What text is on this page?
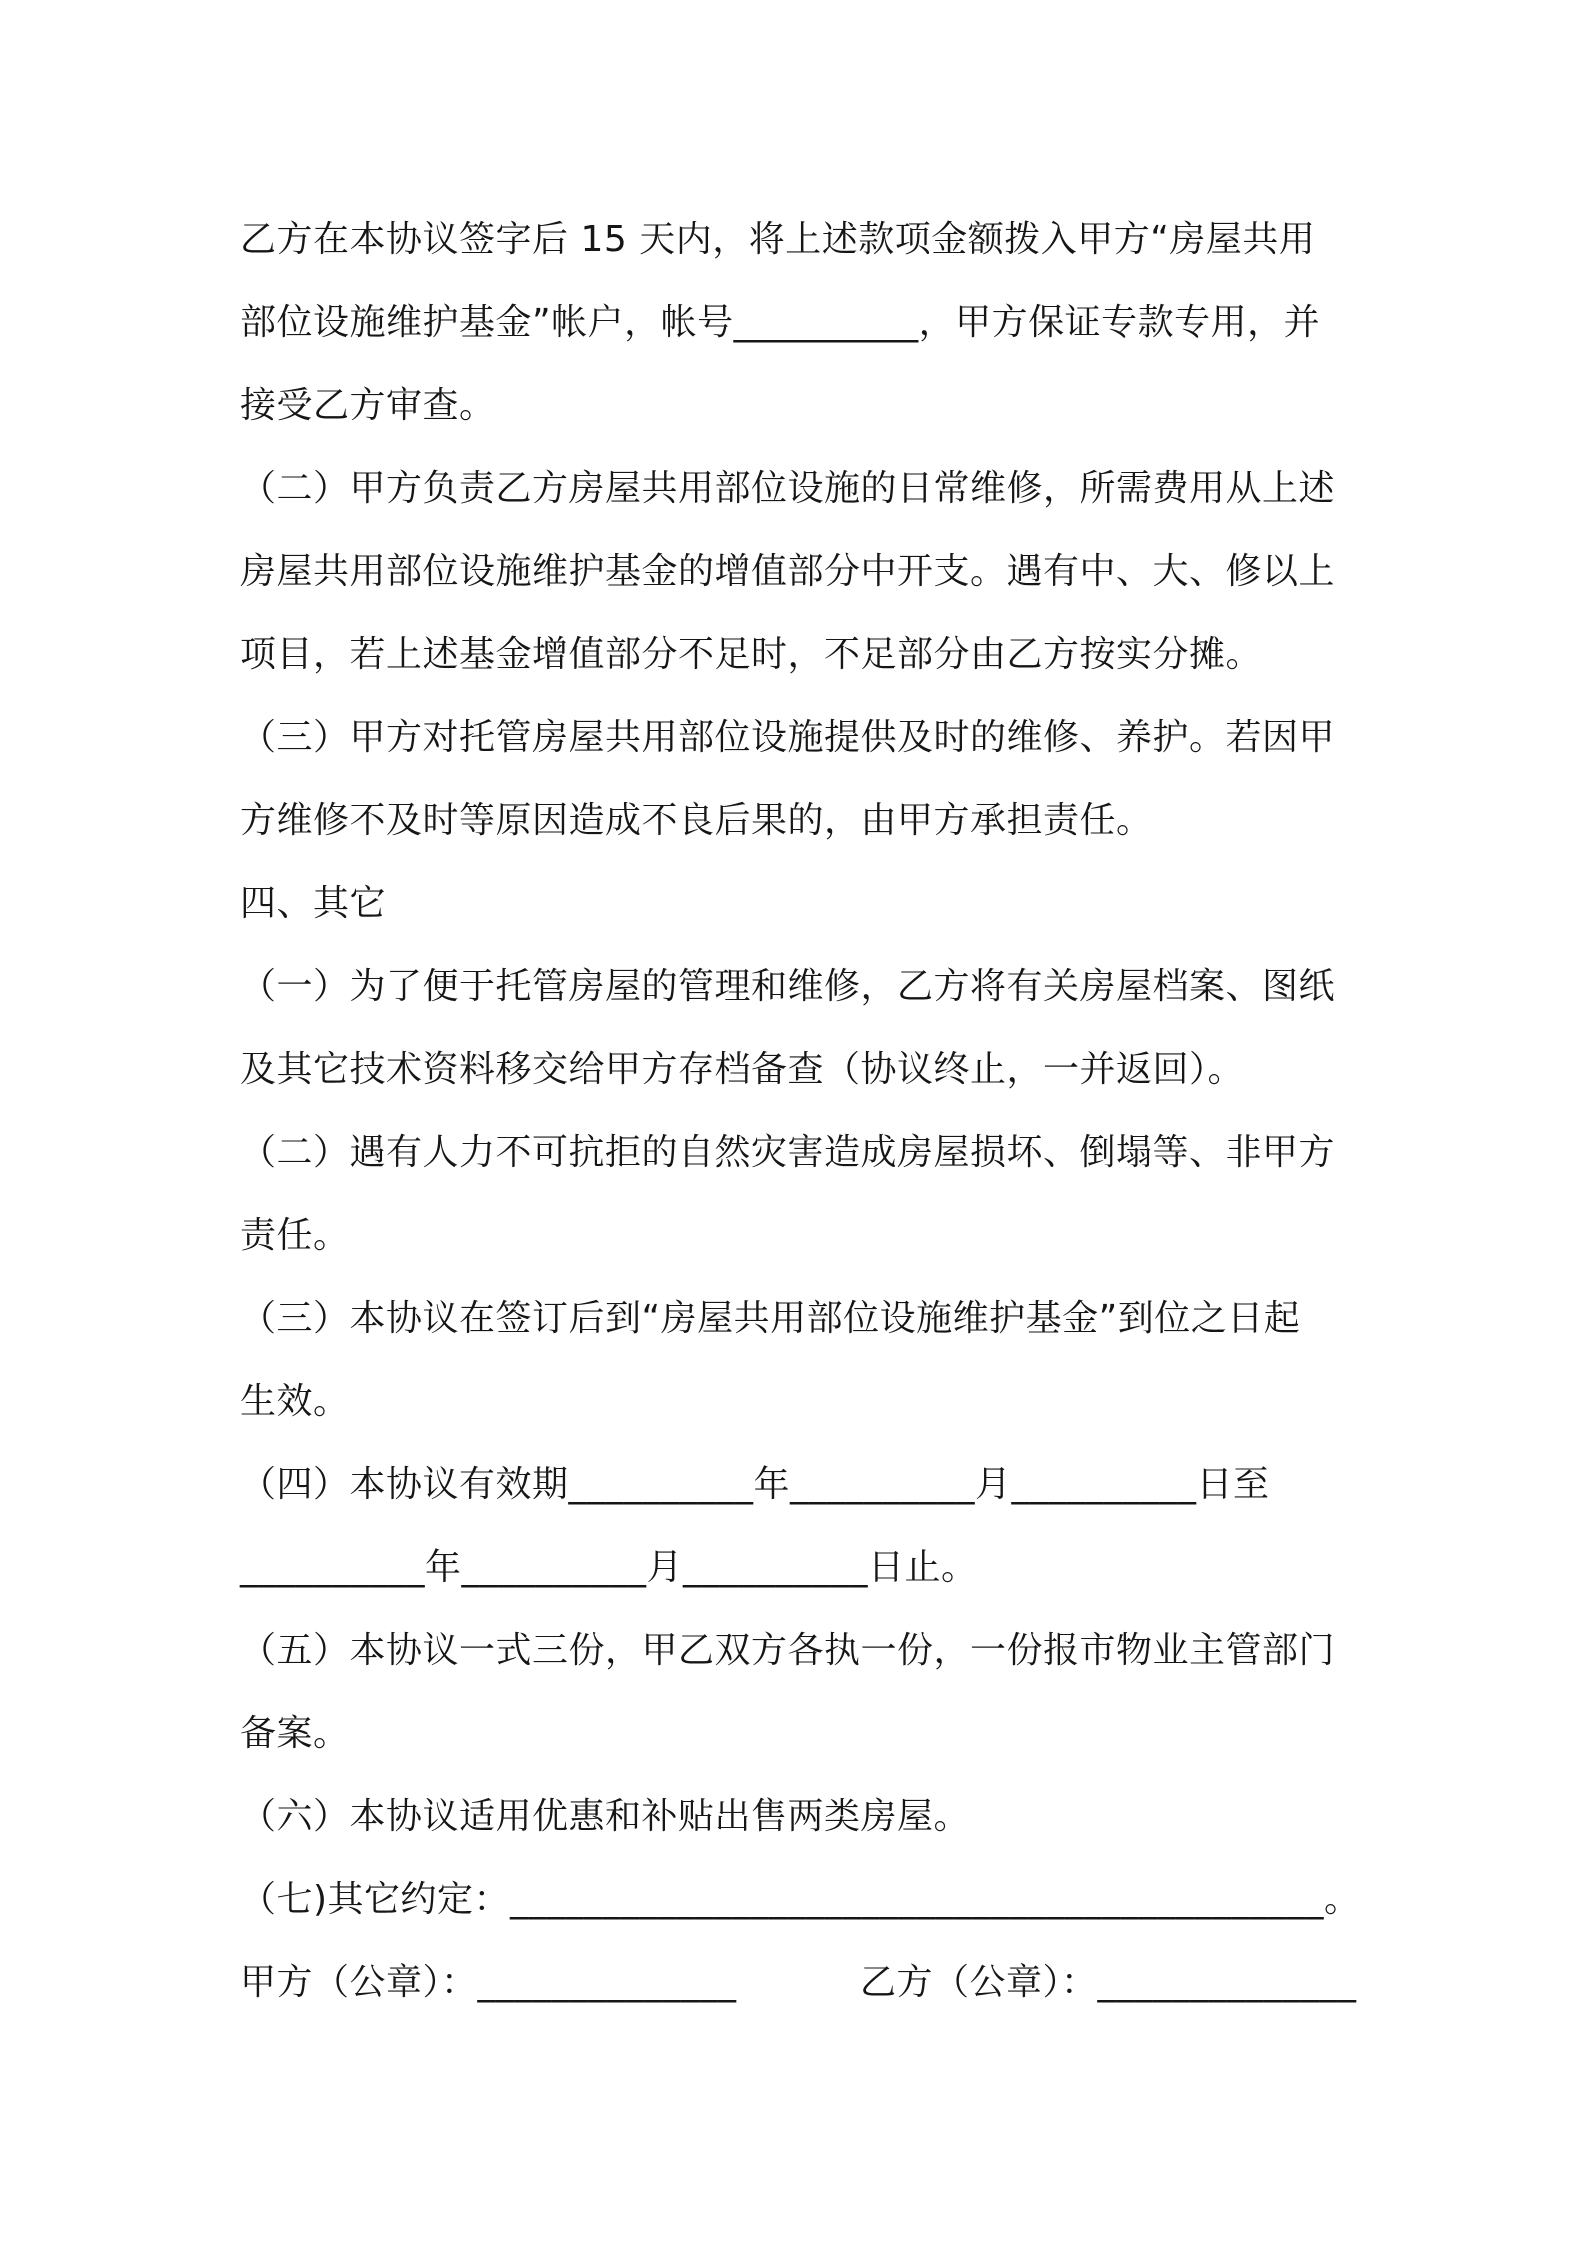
乙方在本协议签字后 15 天内，将上述款项金额拨入甲方“房屋共用
部位设施维护基金”帐户，帐号__________，甲方保证专款专用，并
接受乙方审查。
（二）甲方负责乙方房屋共用部位设施的日常维修，所需费用从上述
房屋共用部位设施维护基金的增值部分中开支。遇有中、大、修以上
项目，若上述基金增值部分不足时，不足部分由乙方按实分摊。
（三）甲方对托管房屋共用部位设施提供及时的维修、养护。若因甲
方维修不及时等原因造成不良后果的，由甲方承担责任。
四、其它
（一）为了便于托管房屋的管理和维修，乙方将有关房屋档案、图纸
及其它技术资料移交给甲方存档备查（协议终止，一并返回）。
（二）遇有人力不可抗拒的自然灾害造成房屋损坏、倒塌等、非甲方
责任。
（三）本协议在签订后到“房屋共用部位设施维护基金”到位之日起
生效。
（四）本协议有效期__________年__________月__________日至
__________年__________月__________日止。
（五）本协议一式三份，甲乙双方各执一份，一份报市物业主管部门
备案。
（六）本协议适用优惠和补贴出售两类房屋。
（七)其它约定：____________________________________________。
甲方（公章）：______________	乙方（公章）：______________
